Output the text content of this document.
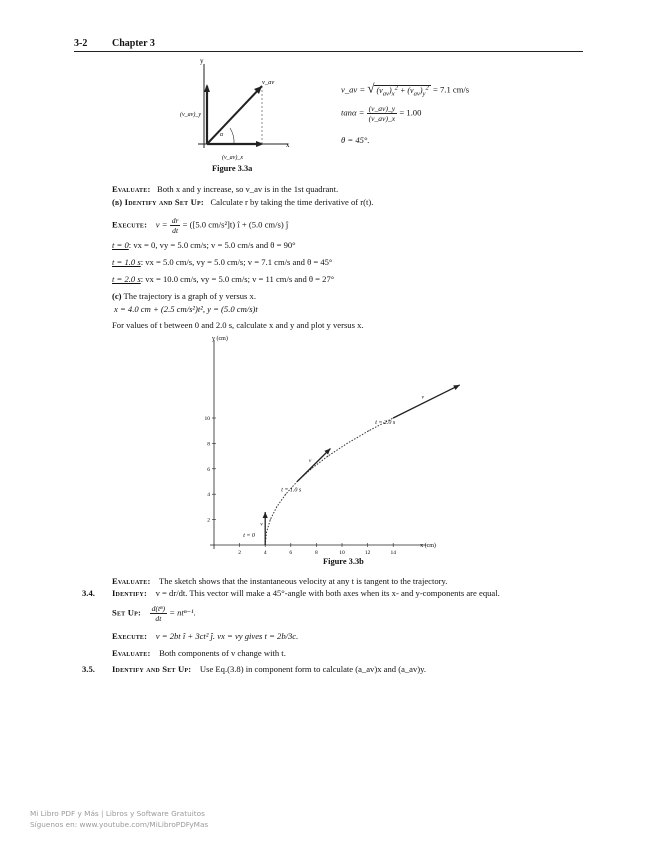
3-2 Chapter 3
y
x
v_av
(v_av)_y
(v_av)_x
α
Figure 3.3a
v_av = √ $(v_{av})_x^2 + (v_{av})_y^2 = 7.1$ cm/s
$\tan\alpha = \frac{(v\_av)\_y}{(v\_av)\_x} = 1.00$
θ = 45°.
Evaluate: Both x and y increase, so v_av is in the 1st quadrant.
(b) Identify and Set Up: Calculate r by taking the time derivative of r(t).
Execute: $v = \frac{dr}{dt} = ([5.0$ cm/s²]t) î + (5.0 cm/s) ĵ
t = 0: vx = 0, vy = 5.0 cm/s; v = 5.0 cm/s and θ = 90°
t = 1.0 s: vx = 5.0 cm/s, vy = 5.0 cm/s; v = 7.1 cm/s and θ = 45°
t = 2.0 s: vx = 10.0 cm/s, vy = 5.0 cm/s; v = 11 cm/s and θ = 27°
(c) The trajectory is a graph of y versus x.
x = 4.0 cm + (2.5 cm/s²)t², y = (5.0 cm/s)t
For values of t between 0 and 2.0 s, calculate x and y and plot y versus x.
y (cm)
x (cm)
2	4	6	8	10	12	14
2
4
6
8
10
v
t = 0
v
t = 1.0 s
v
t = 2.0 s
Figure 3.3b
Evaluate: The sketch shows that the instantaneous velocity at any t is tangent to the trajectory.
3.4. Identify: v = dr/dt. This vector will make a 45°-angle with both axes when its x- and y-components are equal.
Set Up: $\frac{\text{d(tⁿ)}}{dt} = nt^{n-1}$.
Execute: v = 2bt î + 3ct² ĵ. vx = vy gives t = 2b/3c.
Evaluate: Both components of v change with t.
3.5. Identify and Set Up: Use Eq.(3.8) in component form to calculate (a_av)x and (a_av)y.
Mi Libro PDF y Más | Libros y Software Gratuitos
Síguenos en: www.youtube.com/MiLibroPDFyMas
